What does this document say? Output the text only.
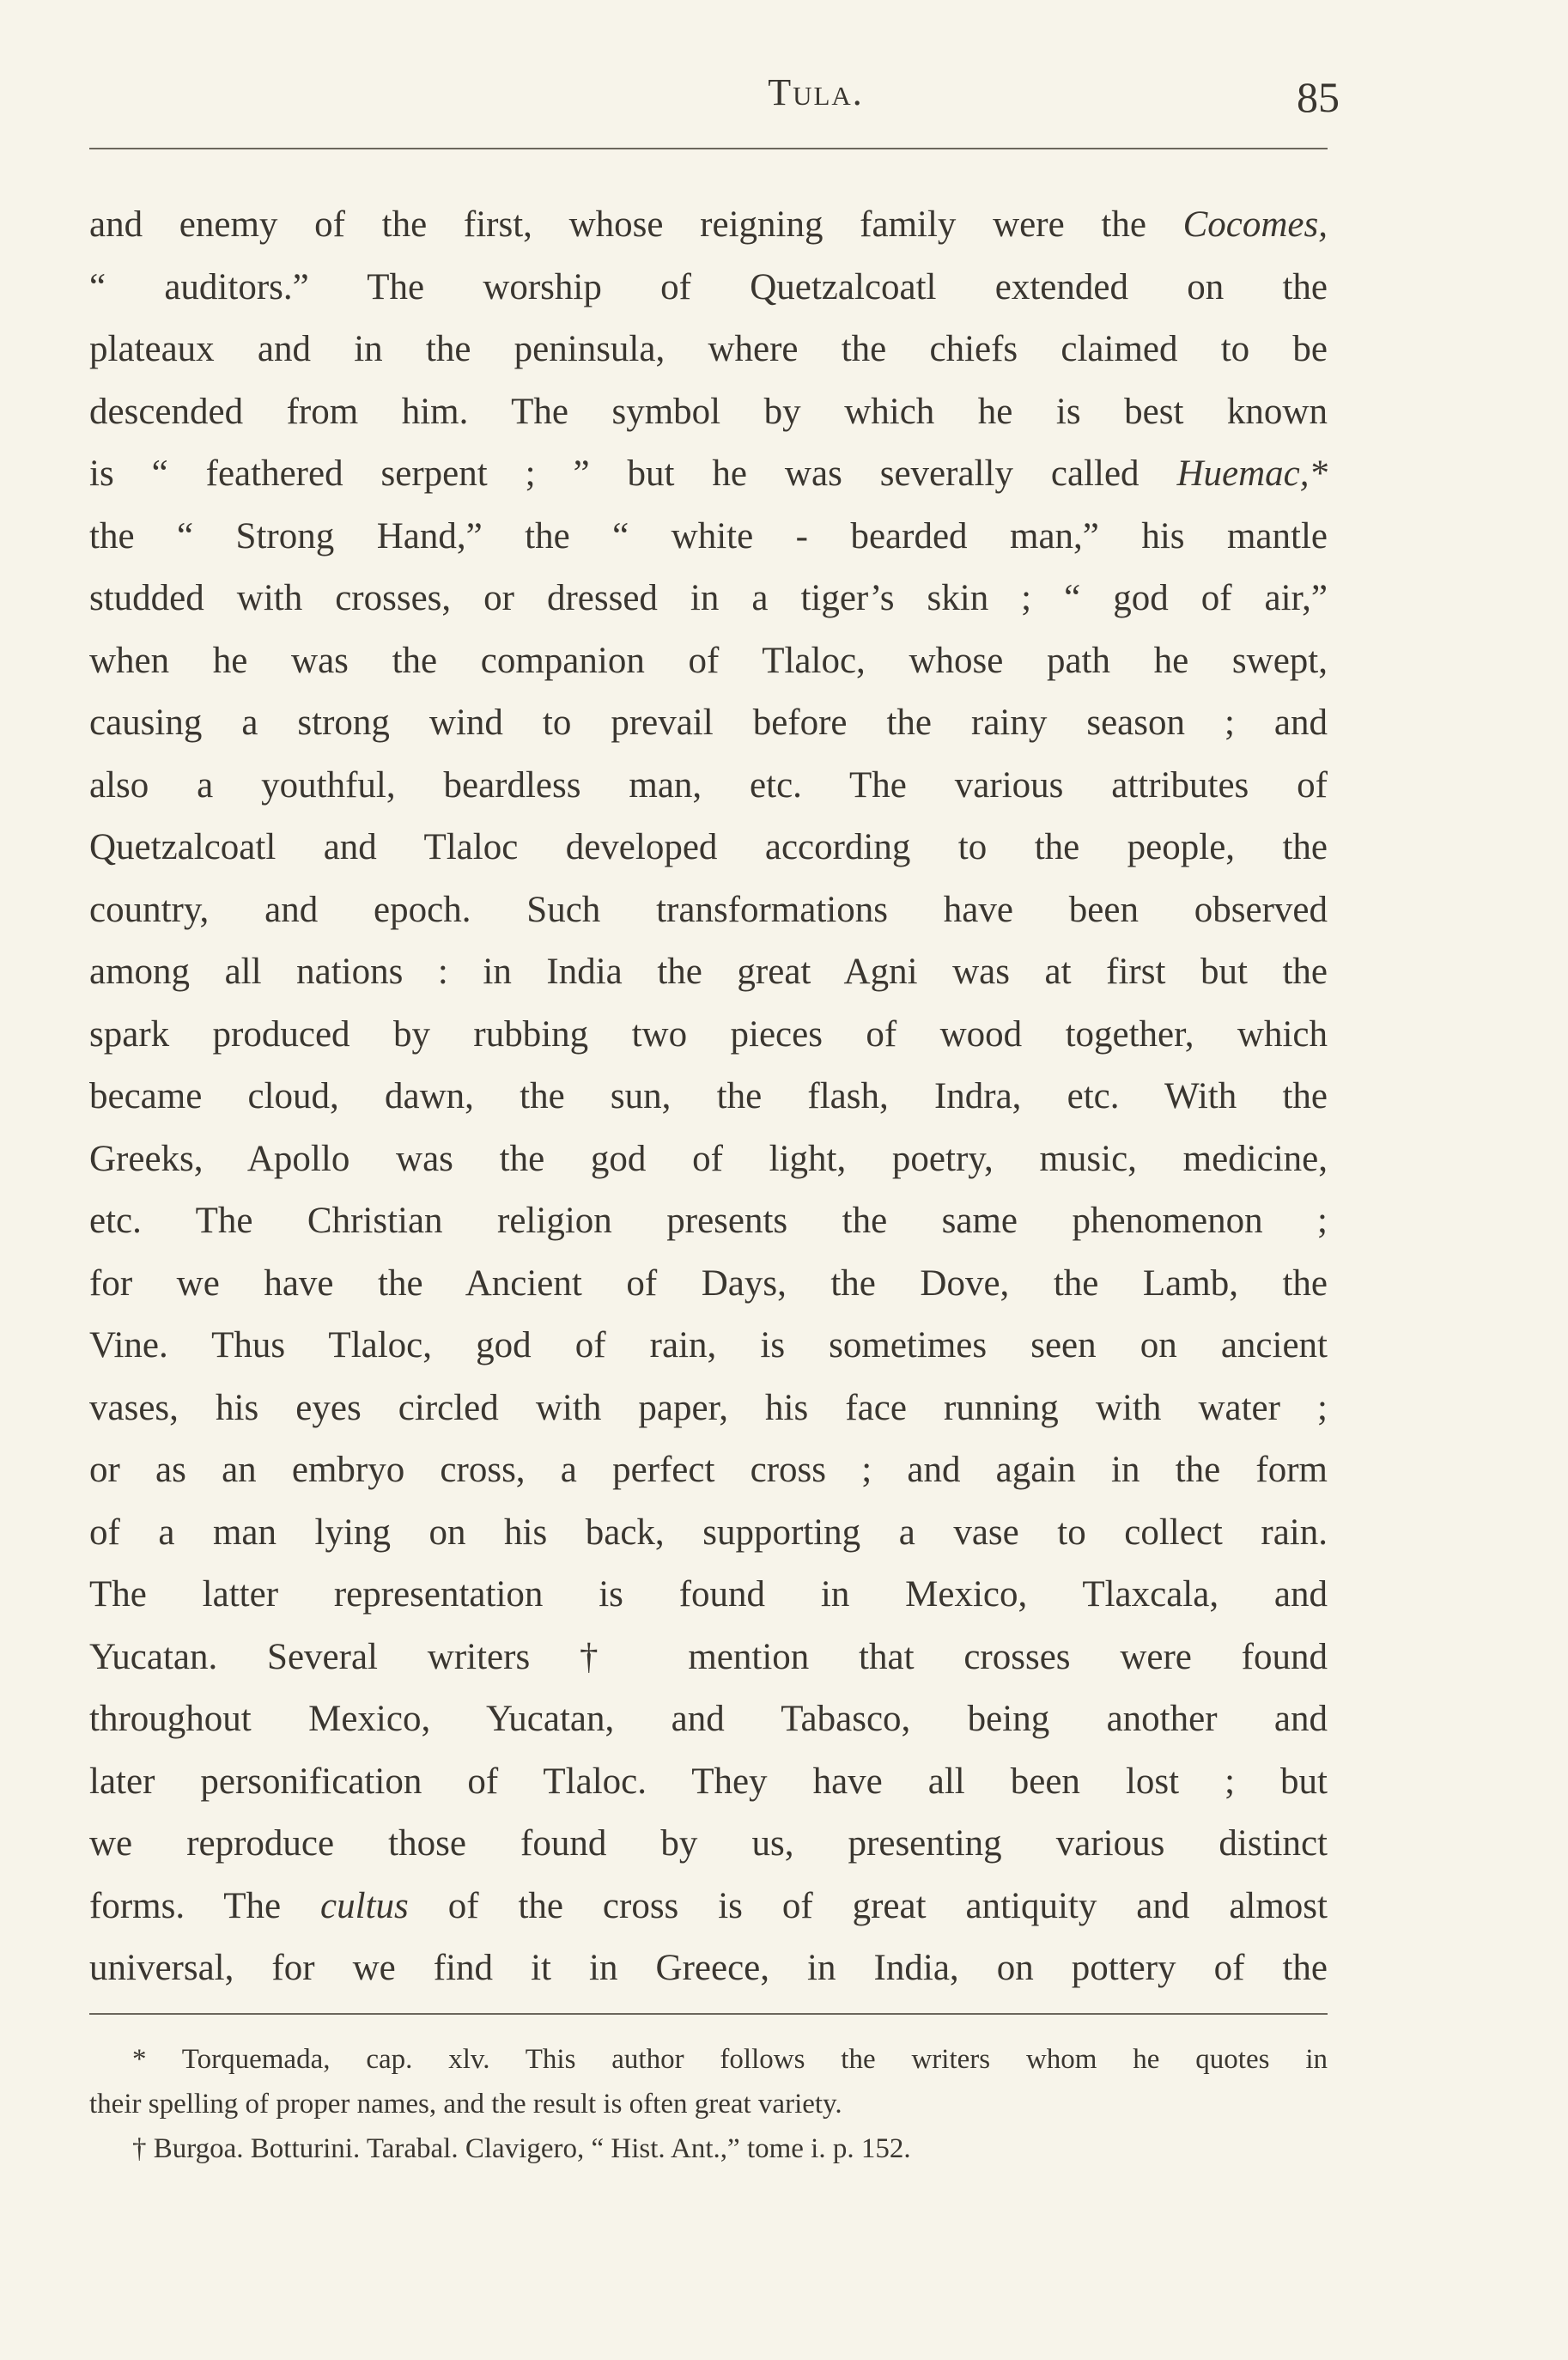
Tula.	85
and enemy of the first, whose reigning family were the Cocomes,
“ auditors.” The worship of Quetzalcoatl extended on the
plateaux and in the peninsula, where the chiefs claimed to be
descended from him. The symbol by which he is best known
is “ feathered serpent ; ” but he was severally called Huemac,*
the “ Strong Hand,” the “ white - bearded man,” his mantle
studded with crosses, or dressed in a tiger’s skin ; “ god of air,”
when he was the companion of Tlaloc, whose path he swept,
causing a strong wind to prevail before the rainy season ; and
also a youthful, beardless man, etc. The various attributes of
Quetzalcoatl and Tlaloc developed according to the people, the
country, and epoch. Such transformations have been observed
among all nations : in India the great Agni was at first but the
spark produced by rubbing two pieces of wood together, which
became cloud, dawn, the sun, the flash, Indra, etc. With the
Greeks, Apollo was the god of light, poetry, music, medicine,
etc. The Christian religion presents the same phenomenon ;
for we have the Ancient of Days, the Dove, the Lamb, the
Vine. Thus Tlaloc, god of rain, is sometimes seen on ancient
vases, his eyes circled with paper, his face running with water ;
or as an embryo cross, a perfect cross ; and again in the form
of a man lying on his back, supporting a vase to collect rain.
The latter representation is found in Mexico, Tlaxcala, and
Yucatan. Several writers † mention that crosses were found
throughout Mexico, Yucatan, and Tabasco, being another and
later personification of Tlaloc. They have all been lost ; but
we reproduce those found by us, presenting various distinct
forms. The cultus of the cross is of great antiquity and almost
universal, for we find it in Greece, in India, on pottery of the
* Torquemada, cap. xlv. This author follows the writers whom he quotes in
their spelling of proper names, and the result is often great variety.
† Burgoa. Botturini. Tarabal. Clavigero, “ Hist. Ant.,” tome i. p. 152.
